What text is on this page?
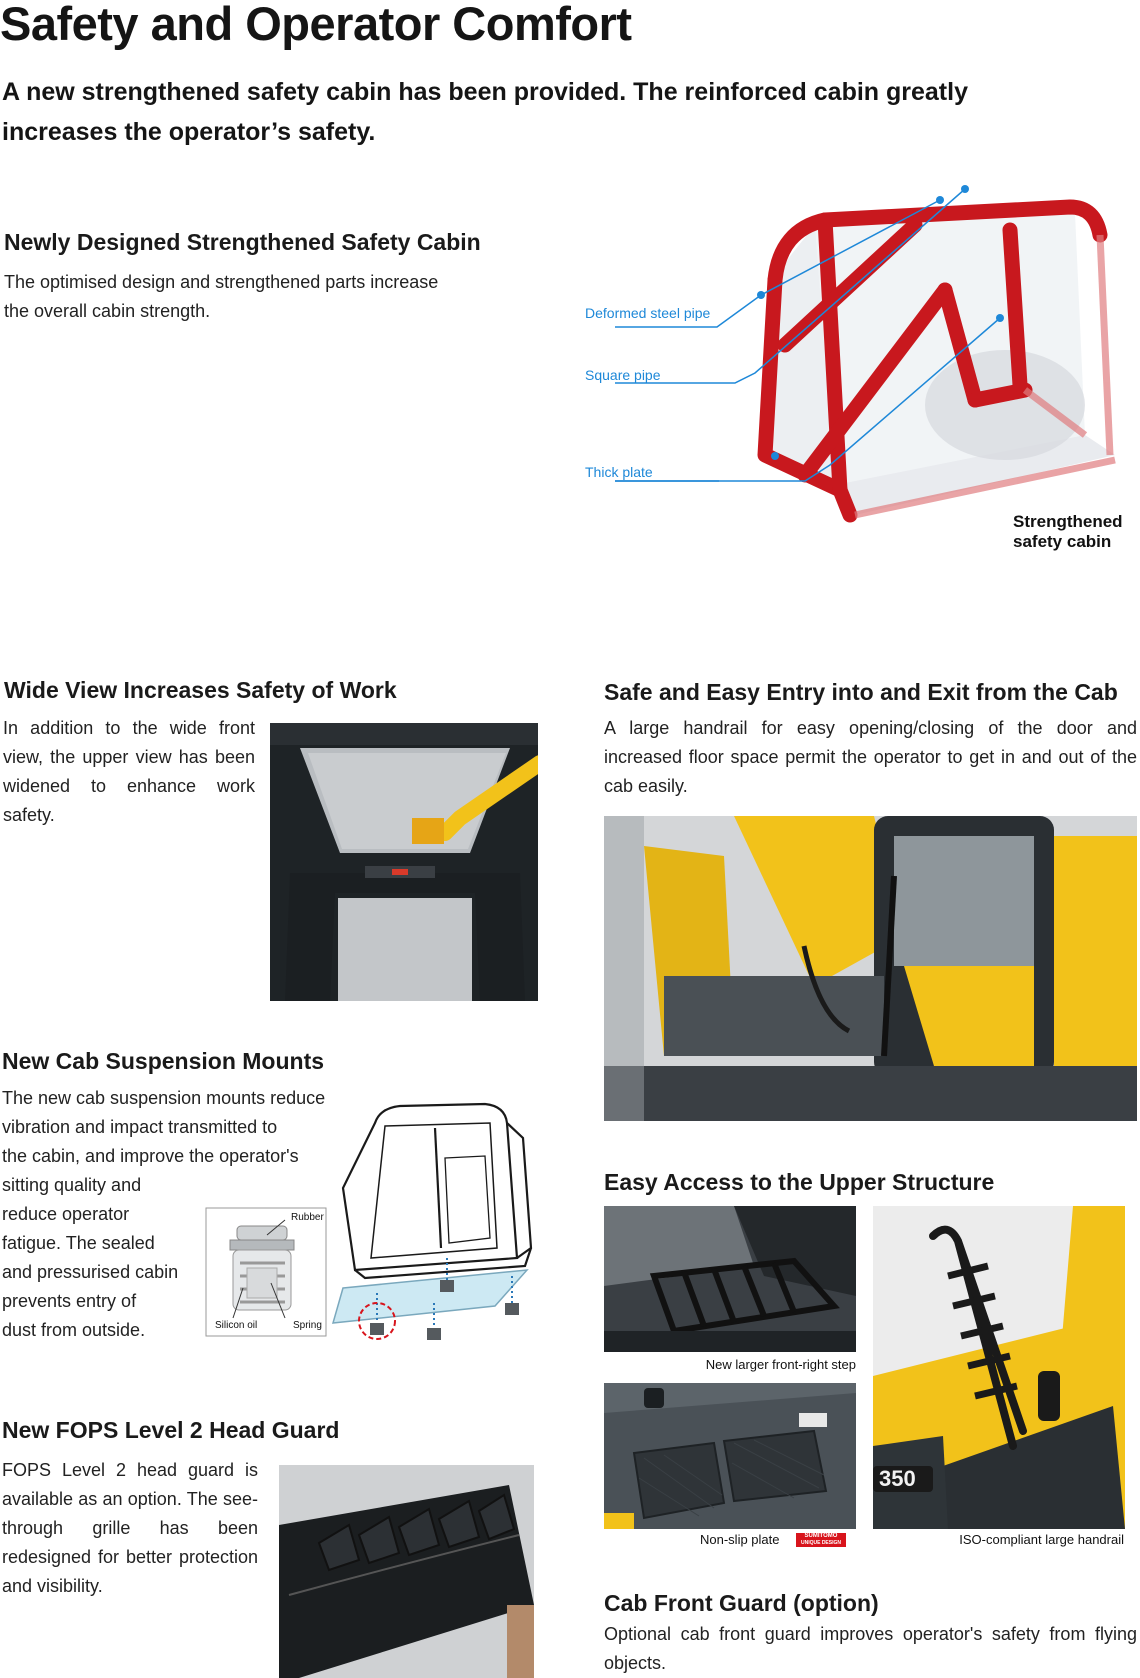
Safety and Operator Comfort

A new strengthened safety cabin has been provided. The reinforced cabin greatly increases the operator’s safety.

Newly Designed Strengthened Safety Cabin
The optimised design and strengthened parts increase
the overall cabin strength.	Deformed steel pipe
Square pipe
Thick plate
Strengthened
safety cabin
Wide View Increases Safety of Work

In addition to the wide front view, the upper view has been widened to enhance work safety.

Safe and Easy Entry into and Exit from the Cab

A large handrail for easy opening/closing of the door and increased floor space permit the operator to get in and out of the cab easily.

New Cab Suspension Mounts
The new cab suspension mounts reduce
vibration and impact transmitted to
the cabin, and improve the operator's
sitting quality and
reduce operator
fatigue. The sealed
and pressurised cabin
prevents entry of
dust from outside.
Rubber
Silicon oil	Spring
Easy Access to the Upper Structure
New larger front-right step
Non-slip plate	SUMITOMO
UNIQUE DESIGN
350
ISO-compliant large handrail
New FOPS Level 2 Head Guard

FOPS Level 2 head guard is available as an option. The see-through grille has been redesigned for better protection and visibility.

Cab Front Guard (option)

Optional cab front guard improves operator's safety from flying objects.
